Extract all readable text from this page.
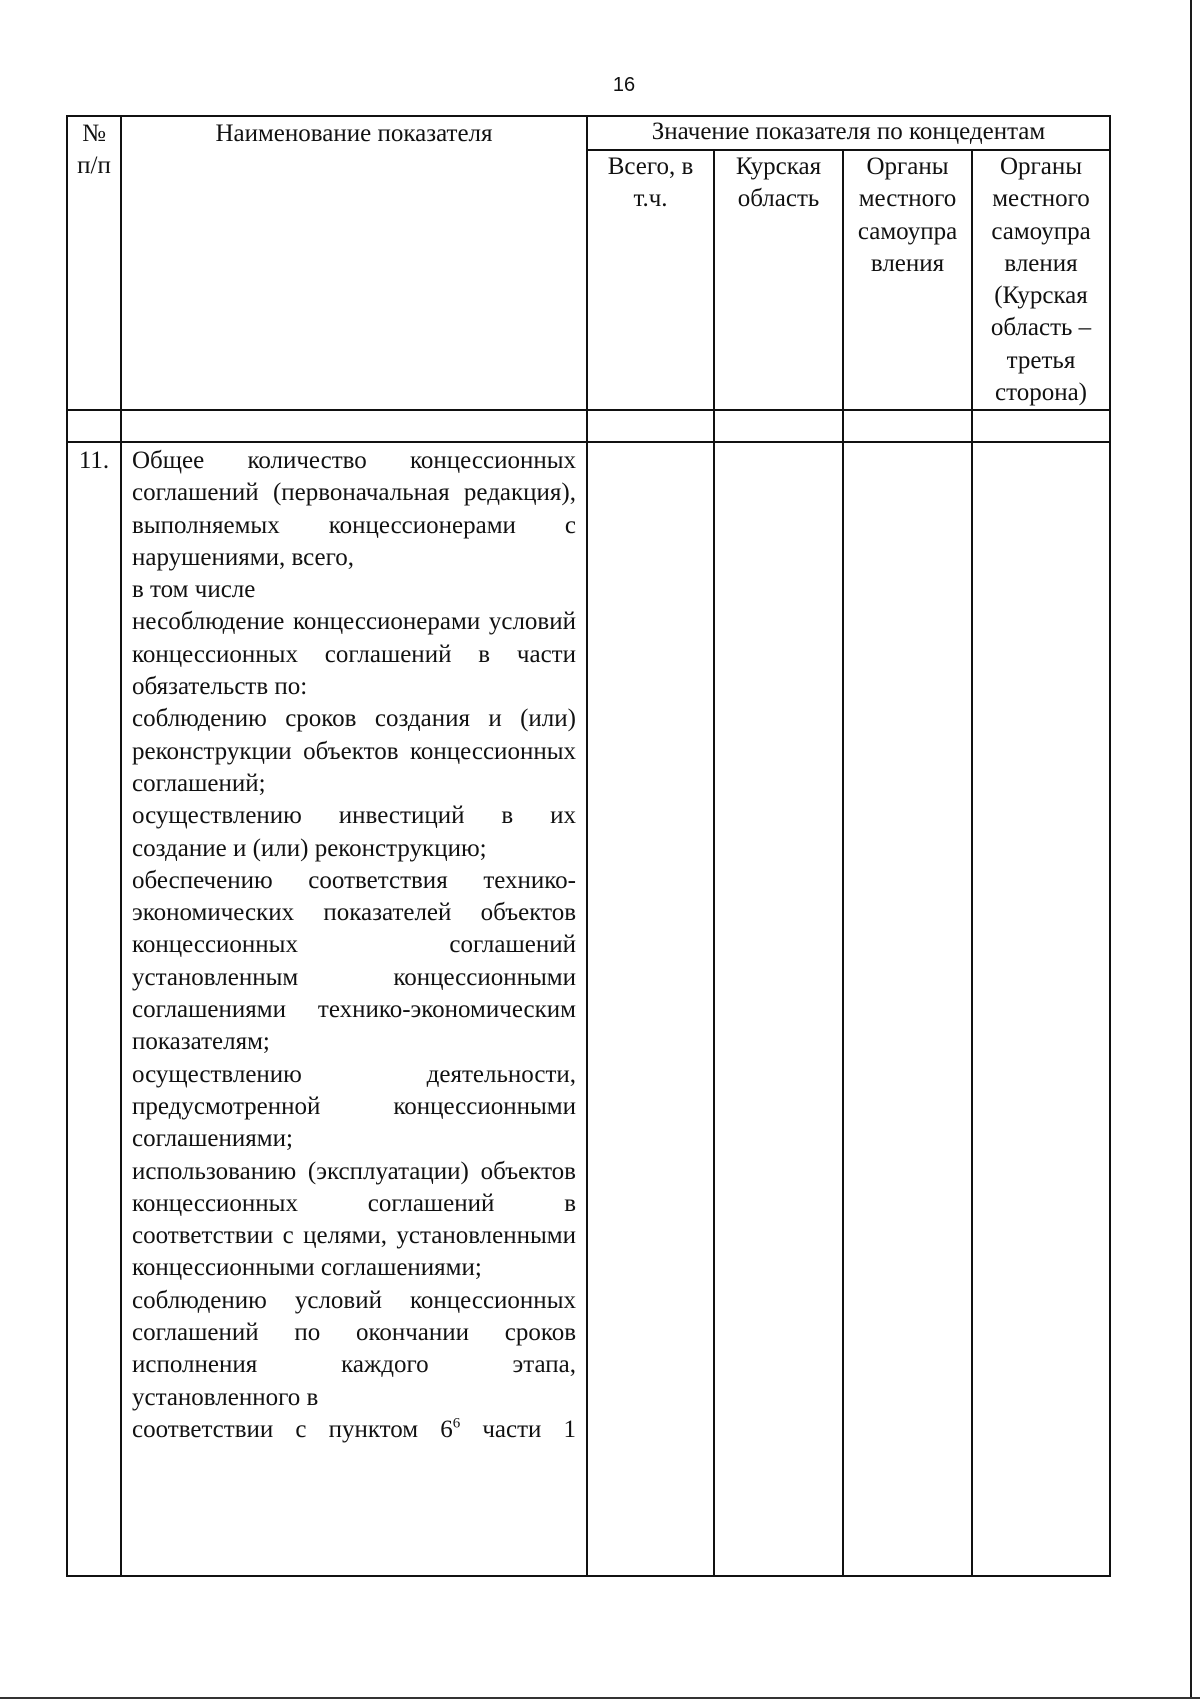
16
№
п/п
Наименование показателя	Значение показателя по концедентам
Всего, в
т.ч.
Курская
область
Органы
местного
самоупра
вления
Органы
местного
самоупра
вления
(Курская
область –
третья
сторона)
11. Общее количество концессионных соглашений (первоначальная редакция), выполняемых концессионерами с нарушениями, всего,

в том числе

несоблюдение концессионерами условий концессионных соглашений в части обязательств по:

соблюдению сроков создания и (или) реконструкции объектов концессионных соглашений;

осуществлению инвестиций в их создание и (или) реконструкцию;

обеспечению соответствия технико-экономических показателей объектов концессионных соглашений установленным концессионными соглашениями технико-экономическим показателям;

осуществлению деятельности, предусмотренной концессионными соглашениями;

использованию (эксплуатации) объектов концессионных соглашений в соответствии с целями, установленными концессионными соглашениями;

соблюдению условий концессионных соглашений по окончании сроков исполнения каждого этапа, установленного в

соответствии с пунктом $6^6$ части 1
